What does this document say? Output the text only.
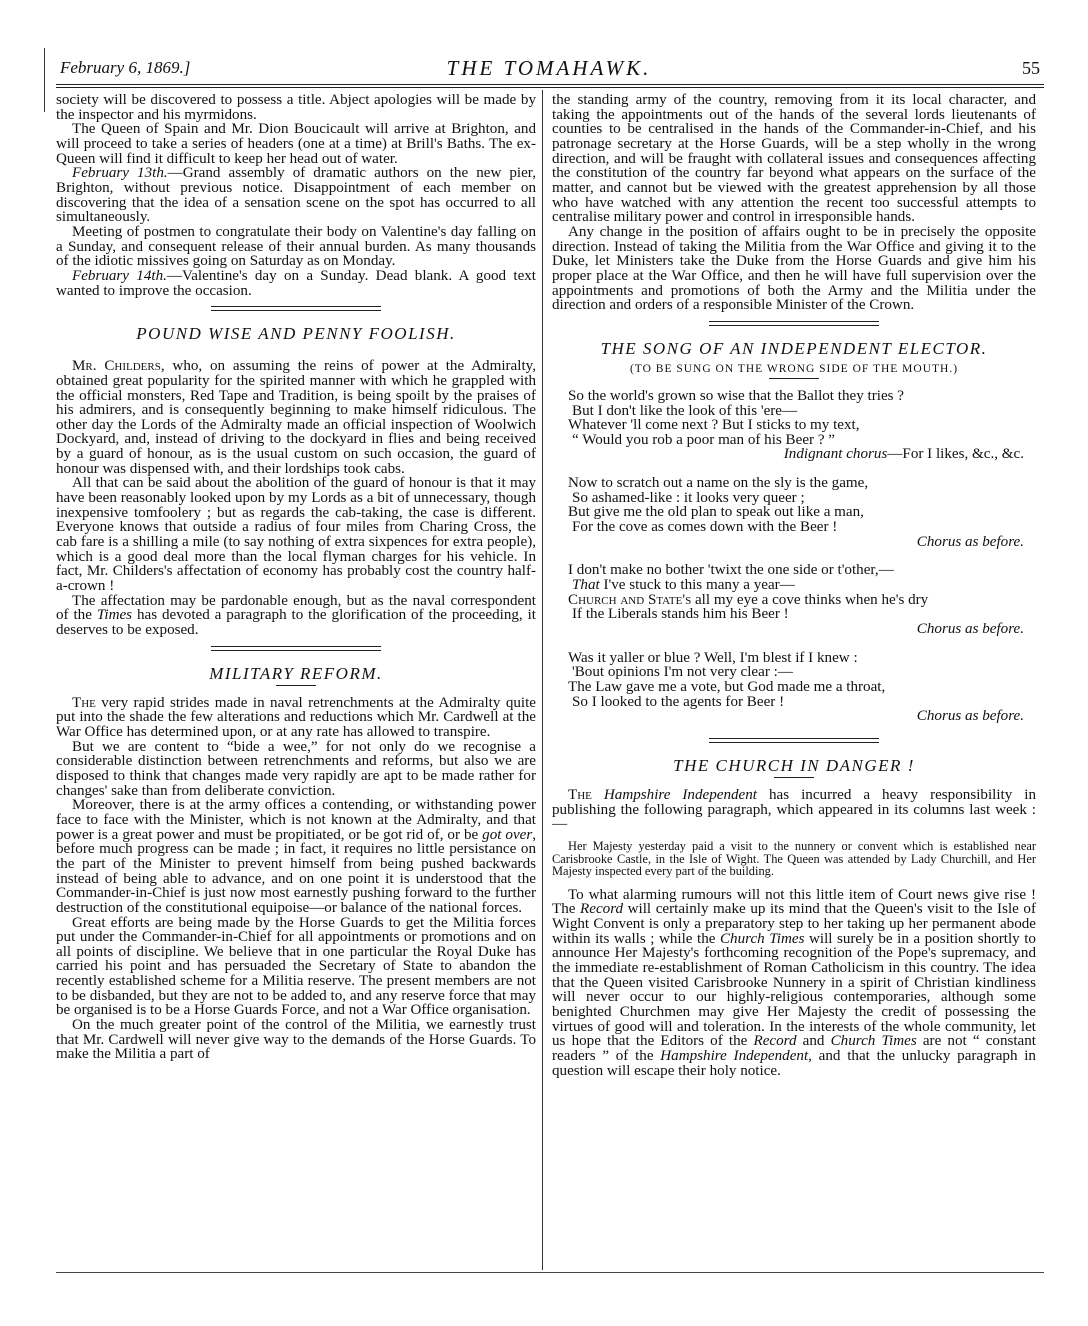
February 6, 1869.]	THE TOMAHAWK.	55

society will be discovered to possess a title. Abject apologies will be made by the inspector and his myrmidons.

The Queen of Spain and Mr. Dion Boucicault will arrive at Brighton, and will proceed to take a series of headers (one at a time) at Brill's Baths. The ex-Queen will find it difficult to keep her head out of water.

February 13th.—Grand assembly of dramatic authors on the new pier, Brighton, without previous notice. Disappointment of each member on discovering that the idea of a sensation scene on the spot has occurred to all simultaneously.

Meeting of postmen to congratulate their body on Valentine's day falling on a Sunday, and consequent release of their annual burden. As many thousands of the idiotic missives going on Saturday as on Monday.

February 14th.—Valentine's day on a Sunday. Dead blank. A good text wanted to improve the occasion.

POUND WISE AND PENNY FOOLISH.

Mr. Childers, who, on assuming the reins of power at the Admiralty, obtained great popularity for the spirited manner with which he grappled with the official monsters, Red Tape and Tradition, is being spoilt by the praises of his admirers, and is consequently beginning to make himself ridiculous. The other day the Lords of the Admiralty made an official inspection of Woolwich Dockyard, and, instead of driving to the dockyard in flies and being received by a guard of honour, as is the usual custom on such occasion, the guard of honour was dispensed with, and their lordships took cabs.

All that can be said about the abolition of the guard of honour is that it may have been reasonably looked upon by my Lords as a bit of unnecessary, though inexpensive tomfoolery ; but as regards the cab-taking, the case is different. Everyone knows that outside a radius of four miles from Charing Cross, the cab fare is a shilling a mile (to say nothing of extra sixpences for extra people), which is a good deal more than the local flyman charges for his vehicle. In fact, Mr. Childers's affectation of economy has probably cost the country half-a-crown !

The affectation may be pardonable enough, but as the naval correspondent of the Times has devoted a paragraph to the glorification of the proceeding, it deserves to be exposed.

MILITARY REFORM.

The very rapid strides made in naval retrenchments at the Admiralty quite put into the shade the few alterations and reductions which Mr. Cardwell at the War Office has determined upon, or at any rate has allowed to transpire.

But we are content to “bide a wee,” for not only do we recognise a considerable distinction between retrenchments and reforms, but also we are disposed to think that changes made very rapidly are apt to be made rather for changes' sake than from deliberate conviction.

Moreover, there is at the army offices a contending, or withstanding power face to face with the Minister, which is not known at the Admiralty, and that power is a great power and must be propitiated, or be got rid of, or be got over, before much progress can be made ; in fact, it requires no little persistance on the part of the Minister to prevent himself from being pushed backwards instead of being able to advance, and on one point it is understood that the Commander-in-Chief is just now most earnestly pushing forward to the further destruction of the constitutional equipoise—or balance of the national forces.

Great efforts are being made by the Horse Guards to get the Militia forces put under the Commander-in-Chief for all appointments or promotions and on all points of discipline. We believe that in one particular the Royal Duke has carried his point and has persuaded the Secretary of State to abandon the recently established scheme for a Militia reserve. The present members are not to be disbanded, but they are not to be added to, and any reserve force that may be organised is to be a Horse Guards Force, and not a War Office organisation.

On the much greater point of the control of the Militia, we earnestly trust that Mr. Cardwell will never give way to the demands of the Horse Guards. To make the Militia a part of

the standing army of the country, removing from it its local character, and taking the appointments out of the hands of the several lords lieutenants of counties to be centralised in the hands of the Commander-in-Chief, and his patronage secretary at the Horse Guards, will be a step wholly in the wrong direction, and will be fraught with collateral issues and consequences affecting the constitution of the country far beyond what appears on the surface of the matter, and cannot but be viewed with the greatest apprehension by all those who have watched with any attention the recent too successful attempts to centralise military power and control in irresponsible hands.

Any change in the position of affairs ought to be in precisely the opposite direction. Instead of taking the Militia from the War Office and giving it to the Duke, let Ministers take the Duke from the Horse Guards and give him his proper place at the War Office, and then he will have full supervision over the appointments and promotions of both the Army and the Militia under the direction and orders of a responsible Minister of the Crown.

THE SONG OF AN INDEPENDENT ELECTOR.
(TO BE SUNG ON THE WRONG SIDE OF THE MOUTH.)
So the world's grown so wise that the Ballot they tries ?
But I don't like the look of this 'ere—
Whatever 'll come next ? But I sticks to my text,
“ Would you rob a poor man of his Beer ? ”
Indignant chorus—For I likes, &c., &c.
Now to scratch out a name on the sly is the game,
So ashamed-like : it looks very queer ;
But give me the old plan to speak out like a man,
For the cove as comes down with the Beer !
Chorus as before.
I don't make no bother 'twixt the one side or t'other,—
That I've stuck to this many a year—
Church and State's all my eye a cove thinks when he's dry
If the Liberals stands him his Beer !
Chorus as before.
Was it yaller or blue ? Well, I'm blest if I knew :
'Bout opinions I'm not very clear :—
The Law gave me a vote, but God made me a throat,
So I looked to the agents for Beer !
Chorus as before.
THE CHURCH IN DANGER !

The Hampshire Independent has incurred a heavy responsibility in publishing the following paragraph, which appeared in its columns last week :—

Her Majesty yesterday paid a visit to the nunnery or convent which is established near Carisbrooke Castle, in the Isle of Wight. The Queen was attended by Lady Churchill, and Her Majesty inspected every part of the building.

To what alarming rumours will not this little item of Court news give rise ! The Record will certainly make up its mind that the Queen's visit to the Isle of Wight Convent is only a preparatory step to her taking up her permanent abode within its walls ; while the Church Times will surely be in a position shortly to announce Her Majesty's forthcoming recognition of the Pope's supremacy, and the immediate re-establishment of Roman Catholicism in this country. The idea that the Queen visited Carisbrooke Nunnery in a spirit of Christian kindliness will never occur to our highly-religious contemporaries, although some benighted Churchmen may give Her Majesty the credit of possessing the virtues of good will and toleration. In the interests of the whole community, let us hope that the Editors of the Record and Church Times are not “ constant readers ” of the Hampshire Independent, and that the unlucky paragraph in question will escape their holy notice.
